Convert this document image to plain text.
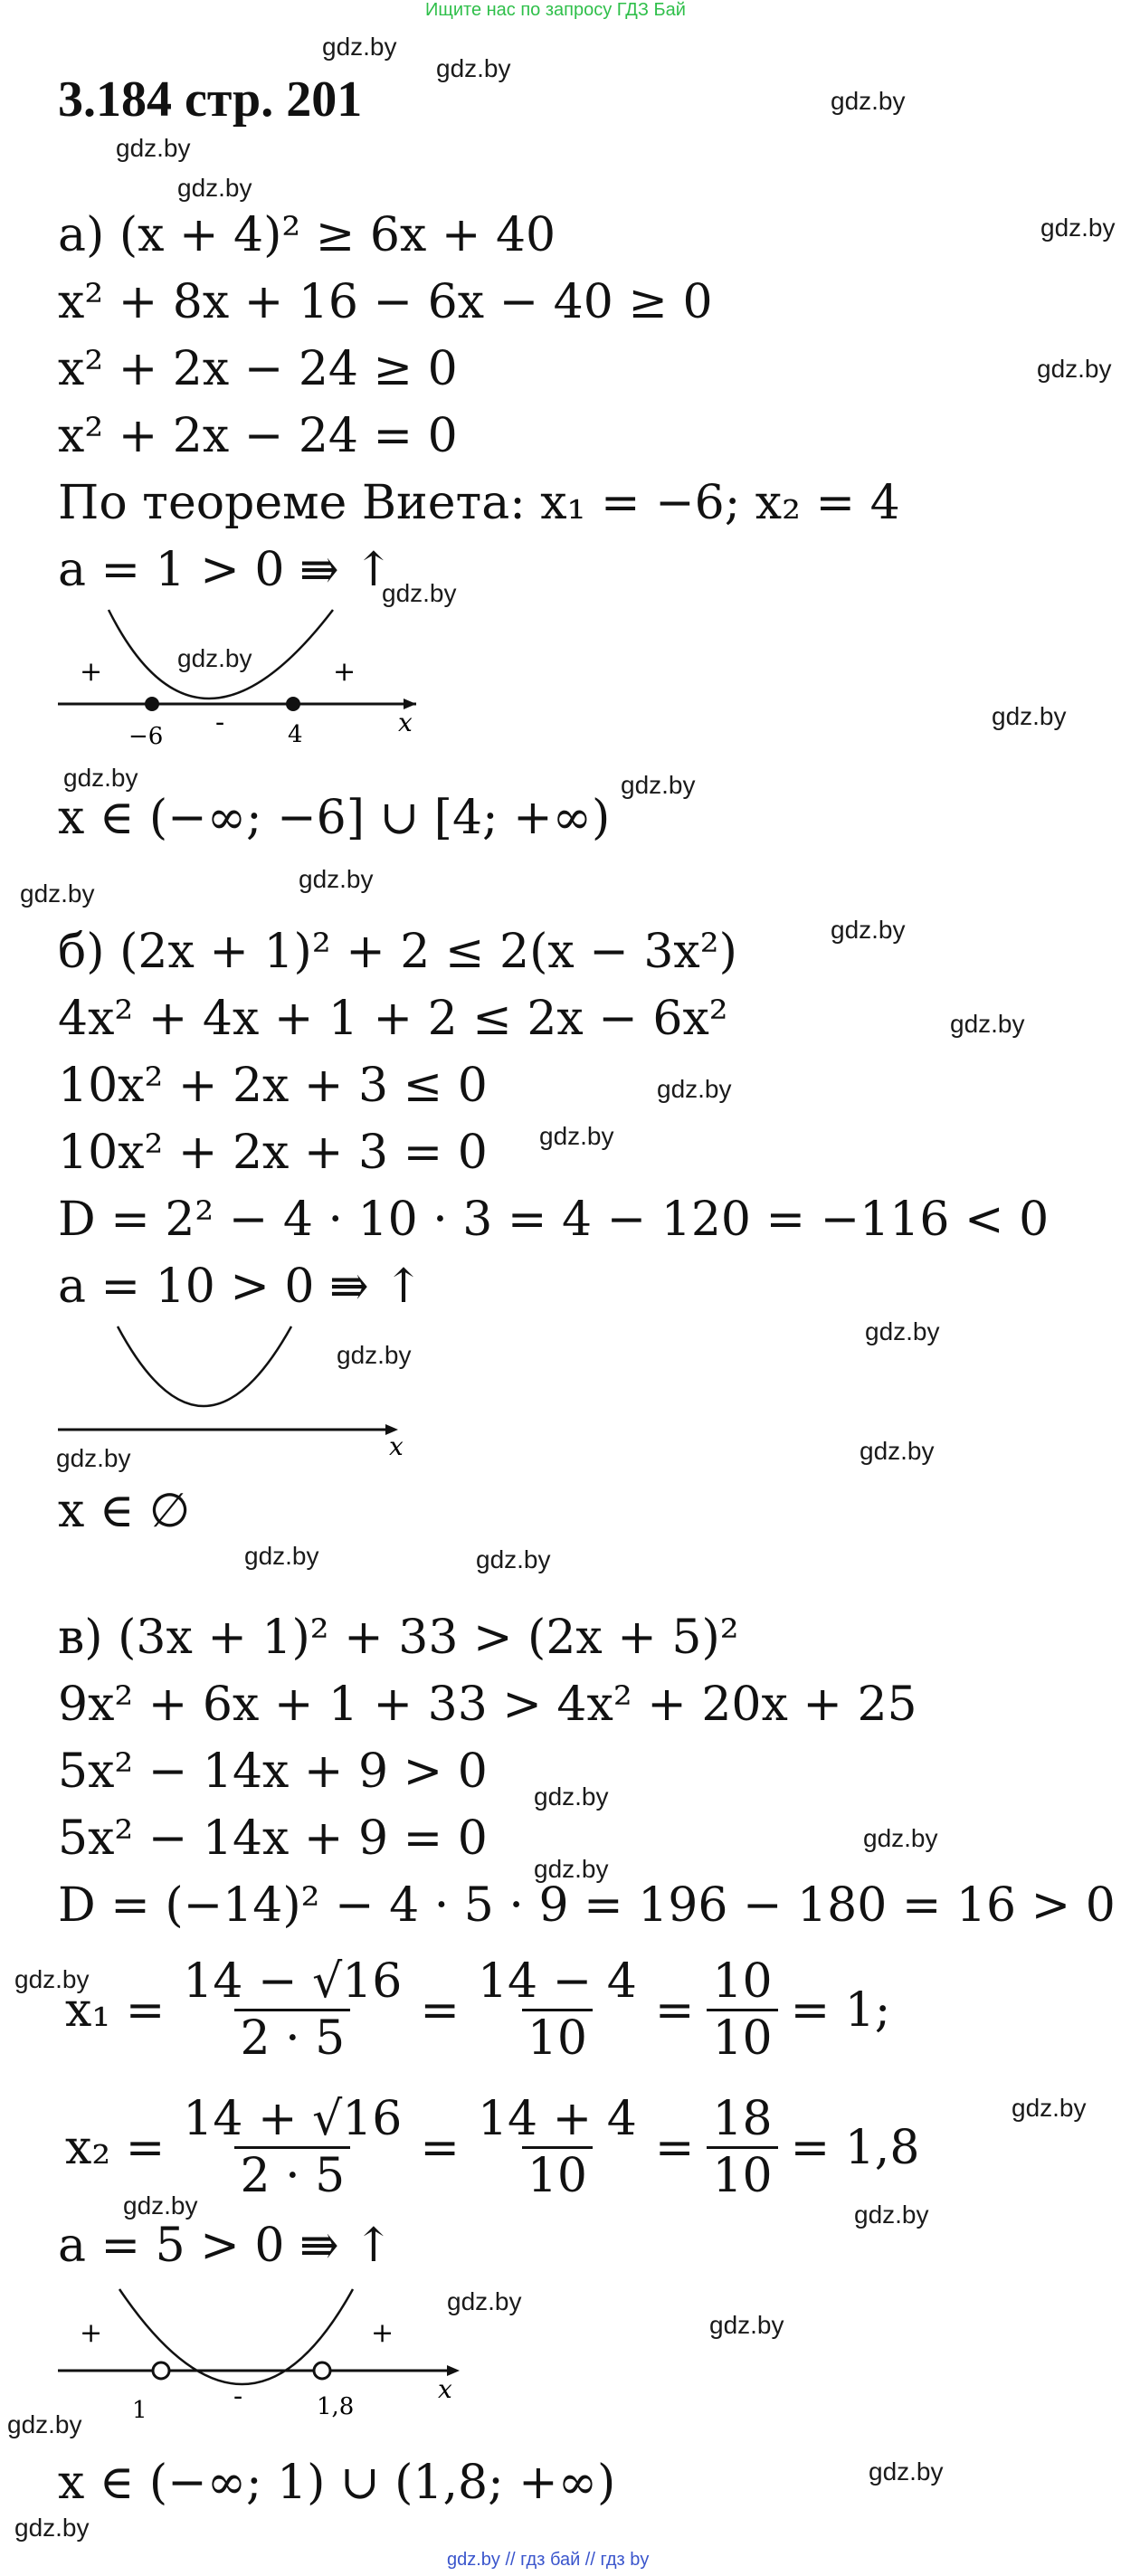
Ищите нас по запросу ГДЗ Бай
3.184 стр. 201
gdz.by
gdz.by
gdz.by
gdz.by
gdz.by
gdz.by
gdz.by
gdz.by
gdz.by
gdz.by
gdz.by	gdz.by
gdz.by
gdz.by
gdz.by
gdz.by
gdz.by
gdz.by
gdz.by
gdz.by
gdz.by	gdz.by
gdz.by	gdz.by
gdz.by
gdz.by
gdz.by
gdz.by
gdz.by
gdz.by	gdz.by
gdz.by
gdz.by
gdz.by
gdz.by
gdz.by
а) (x + 4)² ≥ 6x + 40
x² + 8x + 16 − 6x − 40 ≥ 0
x² + 2x − 24 ≥ 0
x² + 2x − 24 = 0
По теореме Виета: x₁ = −6; x₂ = 4
a = 1 > 0 ⇛ ↑
+
-
+
−6	4	x
x ∈ (−∞; −6] ∪ [4; +∞)
б) (2x + 1)² + 2 ≤ 2(x − 3x²)
4x² + 4x + 1 + 2 ≤ 2x − 6x²
10x² + 2x + 3 ≤ 0
10x² + 2x + 3 = 0
D = 2² − 4 · 10 · 3 = 4 − 120 = −116 < 0
a = 10 > 0 ⇛ ↑
x
x ∈ ∅
в) (3x + 1)² + 33 > (2x + 5)²
9x² + 6x + 1 + 33 > 4x² + 20x + 25
5x² − 14x + 9 > 0
5x² − 14x + 9 = 0
D = (−14)² − 4 · 5 · 9 = 196 − 180 = 16 > 0
$x_1 = \frac{14 - √16}{2 \cdot 5} = \frac{14 - 4}{10} = \frac{10}{10} = 1$;
$x_2 = \frac{14 + √16}{2 \cdot 5} = \frac{14 + 4}{10} = \frac{18}{10} = 1,8$
a = 5 > 0 ⇛ ↑
+
-
+
1	1,8
x
x ∈ (−∞; 1) ∪ (1,8; +∞)
gdz.by // гдз бай // гдз by
